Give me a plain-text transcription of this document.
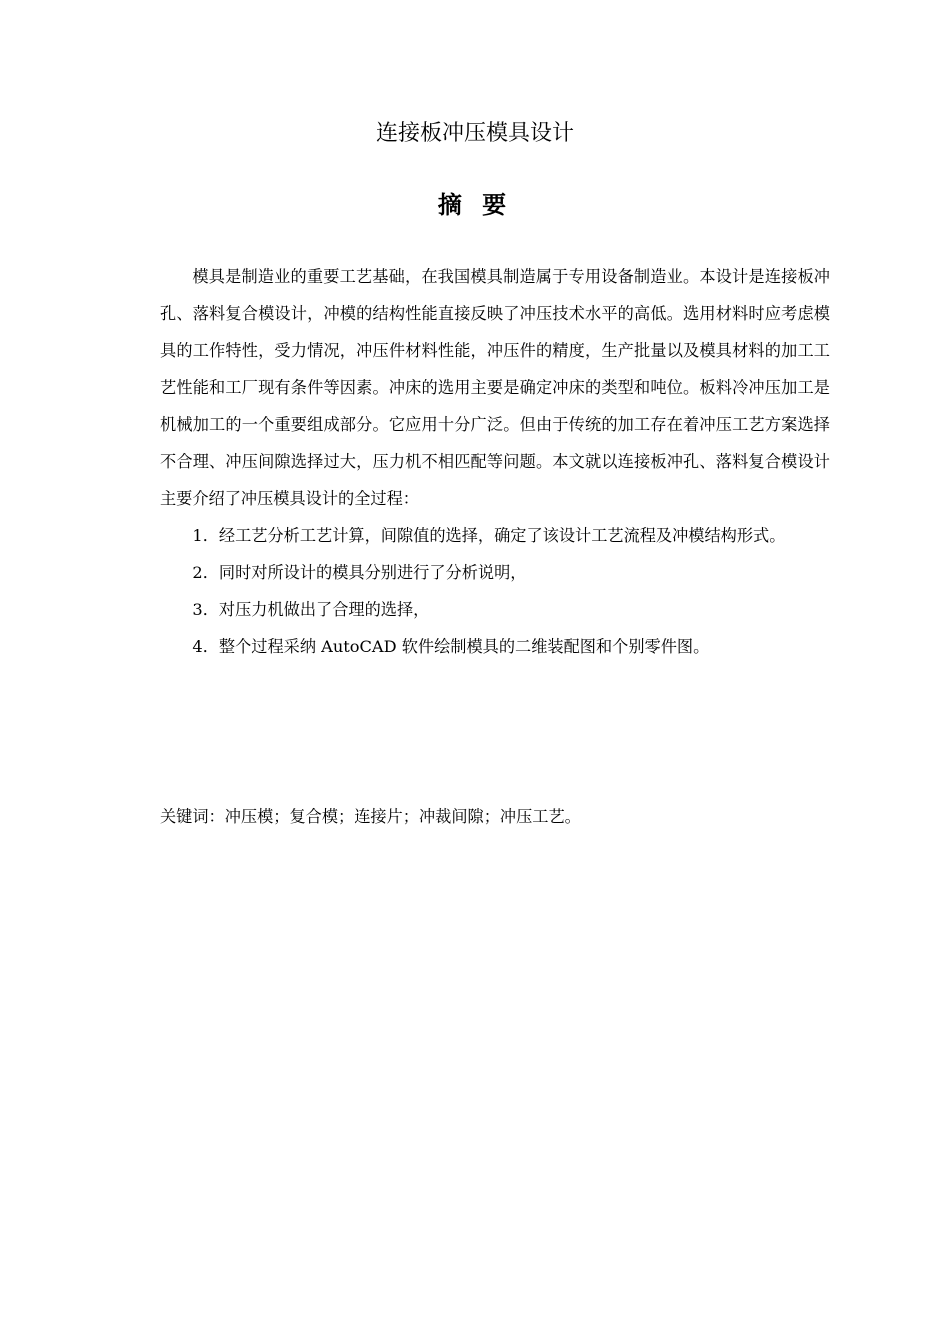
连接板冲压模具设计
摘 要

模具是制造业的重要工艺基础，在我国模具制造属于专用设备制造业。本设计是连接板冲孔、落料复合模设计，冲模的结构性能直接反映了冲压技术水平的高低。选用材料时应考虑模具的工作特性，受力情况，冲压件材料性能，冲压件的精度，生产批量以及模具材料的加工工艺性能和工厂现有条件等因素。冲床的选用主要是确定冲床的类型和吨位。板料冷冲压加工是机械加工的一个重要组成部分。它应用十分广泛。但由于传统的加工存在着冲压工艺方案选择不合理、冲压间隙选择过大，压力机不相匹配等问题。本文就以连接板冲孔、落料复合模设计主要介绍了冲压模具设计的全过程：

1．经工艺分析工艺计算，间隙值的选择，确定了该设计工艺流程及冲模结构形式。

2．同时对所设计的模具分别进行了分析说明，

3．对压力机做出了合理的选择，

4．整个过程采纳 AutoCAD 软件绘制模具的二维装配图和个别零件图。

关键词：冲压模；复合模；连接片；冲裁间隙；冲压工艺。
